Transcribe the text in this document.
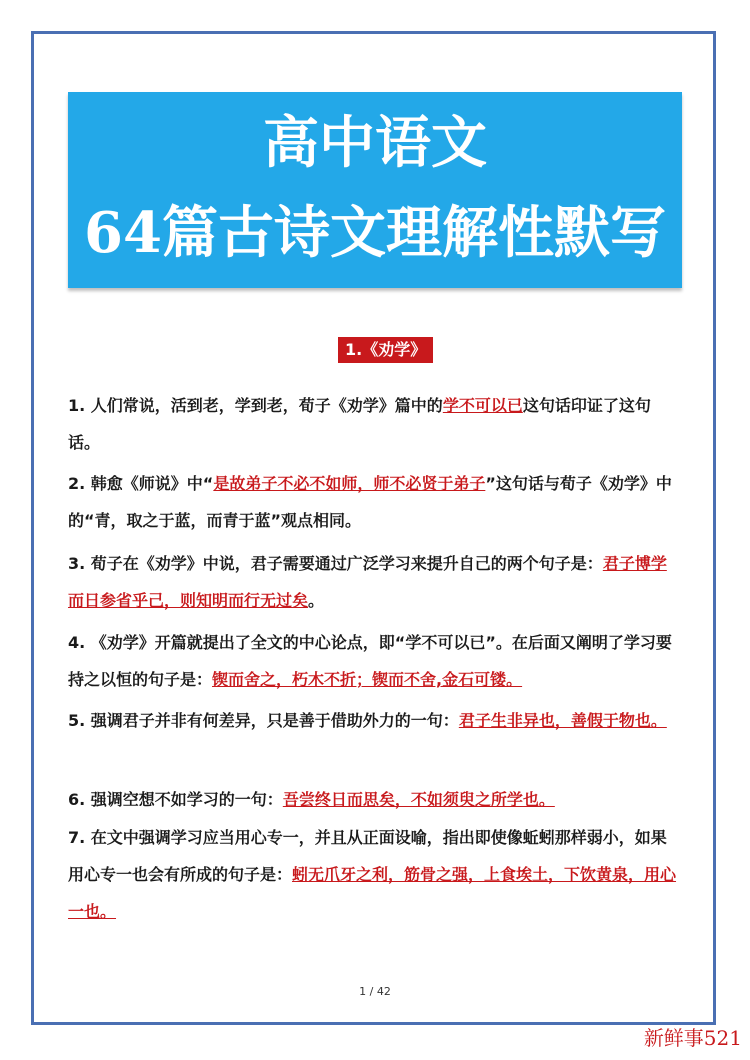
高中语文
64篇古诗文理解性默写
1.《劝学》
1. 人们常说，活到老，学到老，荀子《劝学》篇中的学不可以已这句话印证了这句话。
2. 韩愈《师说》中“是故弟子不必不如师，师不必贤于弟子”这句话与荀子《劝学》中的“青，取之于蓝，而青于蓝”观点相同。
3. 荀子在《劝学》中说，君子需要通过广泛学习来提升自己的两个句子是：君子博学而日参省乎己，则知明而行无过矣。
4. 《劝学》开篇就提出了全文的中心论点，即“学不可以已”。在后面又阐明了学习要持之以恒的句子是：锲而舍之，朽木不折；锲而不舍,金石可镂。
5. 强调君子并非有何差异，只是善于借助外力的一句：君子生非异也，善假于物也。
6. 强调空想不如学习的一句：吾尝终日而思矣，不如须臾之所学也。
7. 在文中强调学习应当用心专一，并且从正面设喻，指出即使像蚯蚓那样弱小，如果用心专一也会有所成的句子是：蚓无爪牙之利，筋骨之强，上食埃土，下饮黄泉，用心一也。
1 / 42
新鲜事521
